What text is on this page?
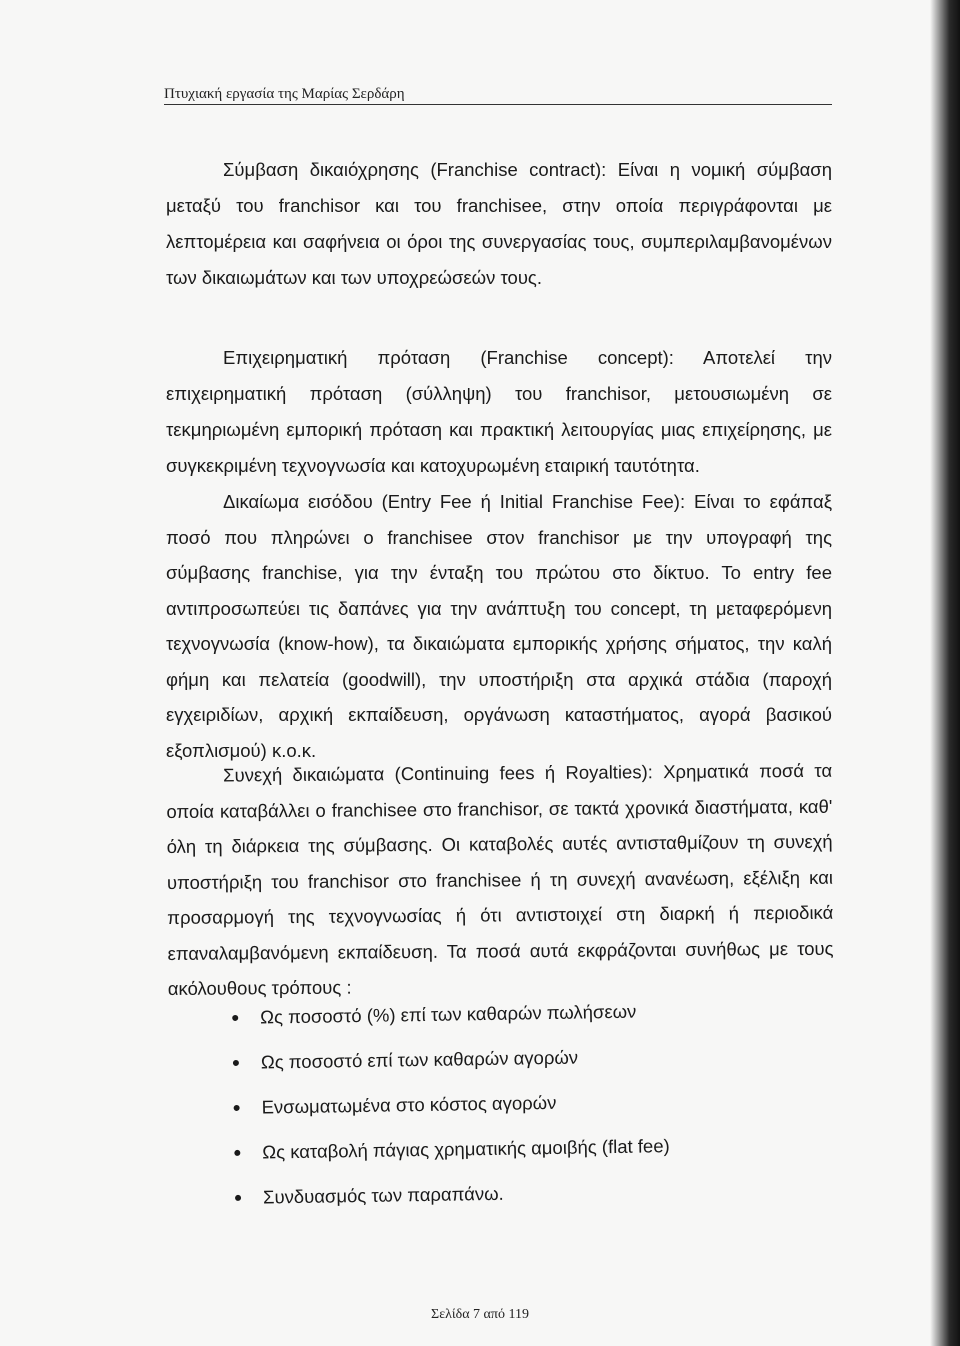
Πτυχιακή εργασία της Μαρίας Σερδάρη

Σύμβαση δικαιόχρησης (Franchise contract): Είναι η νομική σύμβαση μεταξύ του franchisor και του franchisee, στην οποία περιγράφονται με λεπτομέρεια και σαφήνεια οι όροι της συνεργασίας τους, συμπεριλαμβανομένων των δικαιωμάτων και των υποχρεώσεών τους.

Επιχειρηματική πρόταση (Franchise concept): Αποτελεί την επιχειρηματική πρόταση (σύλληψη) του franchisor, μετουσιωμένη σε τεκμηριωμένη εμπορική πρόταση και πρακτική λειτουργίας μιας επιχείρησης, με συγκεκριμένη τεχνογνωσία και κατοχυρωμένη εταιρική ταυτότητα.

Δικαίωμα εισόδου (Entry Fee ή Initial Franchise Fee): Είναι το εφάπαξ ποσό που πληρώνει ο franchisee στον franchisor με την υπογραφή της σύμβασης franchise, για την ένταξη του πρώτου στο δίκτυο. Το entry fee αντιπροσωπεύει τις δαπάνες για την ανάπτυξη του concept, τη μεταφερόμενη τεχνογνωσία (know-how), τα δικαιώματα εμπορικής χρήσης σήματος, την καλή φήμη και πελατεία (goodwill), την υποστήριξη στα αρχικά στάδια (παροχή εγχειριδίων, αρχική εκπαίδευση, οργάνωση καταστήματος, αγορά βασικού εξοπλισμού) κ.ο.κ.

Συνεχή δικαιώματα (Continuing fees ή Royalties): Χρηματικά ποσά τα οποία καταβάλλει ο franchisee στο franchisor, σε τακτά χρονικά διαστήματα, καθ' όλη τη διάρκεια της σύμβασης. Οι καταβολές αυτές αντισταθμίζουν τη συνεχή υποστήριξη του franchisor στο franchisee ή τη συνεχή ανανέωση, εξέλιξη και προσαρμογή της τεχνογνωσίας ή ότι αντιστοιχεί στη διαρκή ή περιοδικά επαναλαμβανόμενη εκπαίδευση. Τα ποσά αυτά εκφράζονται συνήθως με τους ακόλουθους τρόπους :

Ως ποσοστό (%) επί των καθαρών πωλήσεων
Ως ποσοστό επί των καθαρών αγορών
Ενσωματωμένα στο κόστος αγορών
Ως καταβολή πάγιας χρηματικής αμοιβής (flat fee)
Συνδυασμός των παραπάνω.
Σελίδα 7 από 119
